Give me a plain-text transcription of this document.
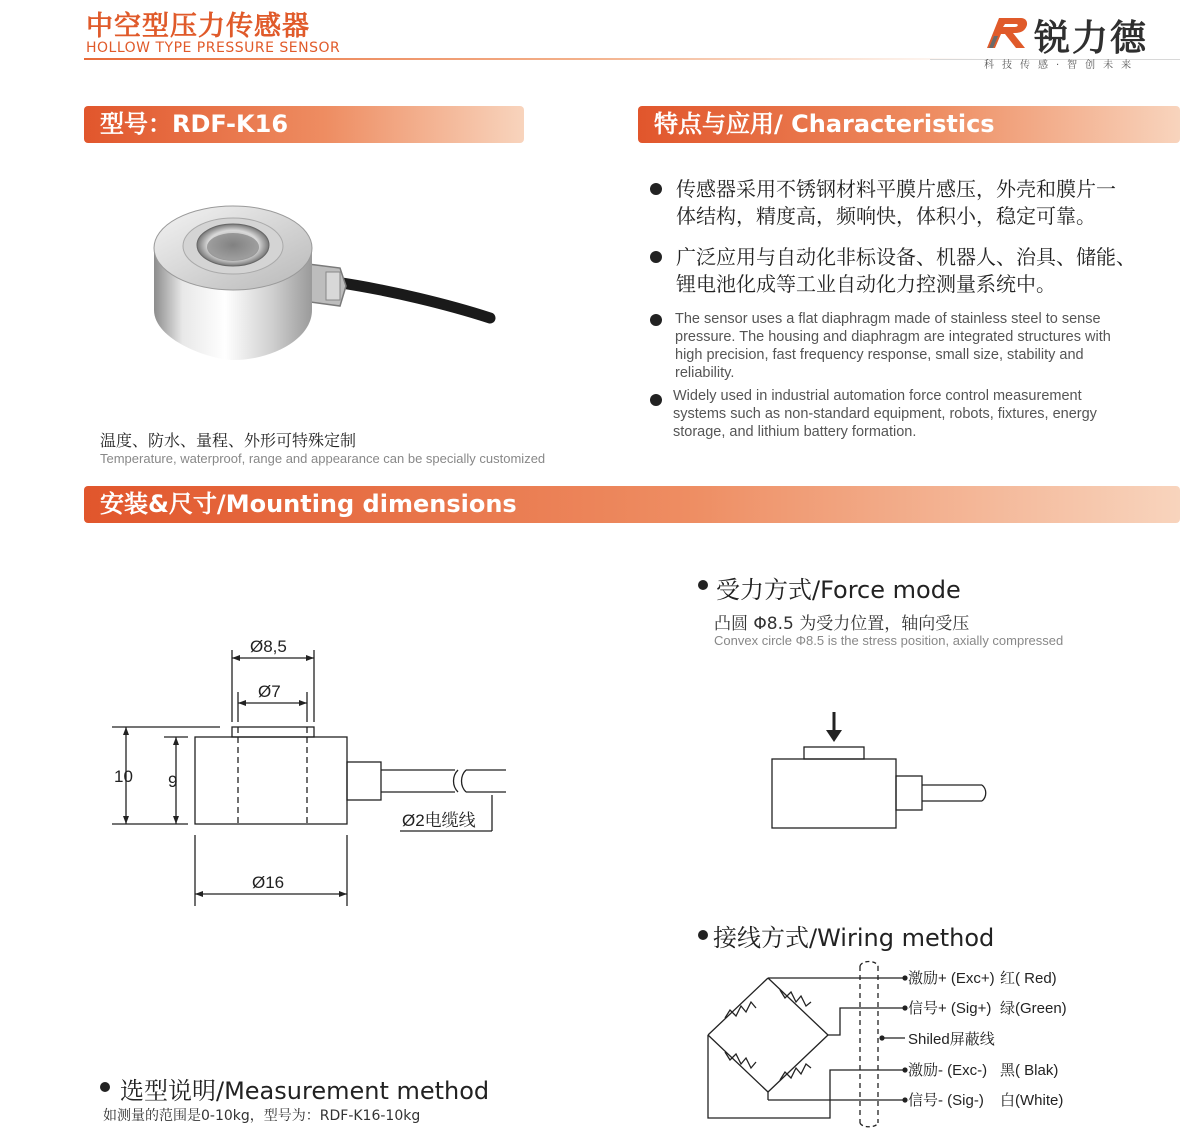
中空型压力传感器
HOLLOW TYPE PRESSURE SENSOR	锐力德
科技传感·智创未来
型号：RDF-K16
温度、防水、量程、外形可特殊定制
Temperature, waterproof, range and appearance can be specially customized
特点与应用/ Characteristics
传感器采用不锈钢材料平膜片感压，外壳和膜片一
体结构，精度高，频响快，体积小，稳定可靠。
广泛应用与自动化非标设备、机器人、治具、储能、
锂电池化成等工业自动化力控测量系统中。
The sensor uses a flat diaphragm made of stainless steel to sense
pressure. The housing and diaphragm are integrated structures with
high precision, fast frequency response, small size, stability and
reliability.
Widely used in industrial automation force control measurement
systems such as non-standard equipment, robots, fixtures, energy
storage, and lithium battery formation.
安装&尺寸/Mounting dimensions
Ø8,5
Ø7
10 9
Ø16
Ø2电缆线
受力方式/Force mode
凸圆 Φ8.5 为受力位置，轴向受压
Convex circle Φ8.5 is the stress position, axially compressed
接线方式/Wiring method
激励+ (Exc+) 红( Red)
信号+ (Sig+) 绿(Green)
Shiled屏蔽线
激励- (Exc-) 黑( Blak)
信号- (Sig-) 白(White)
选型说明/Measurement method
如测量的范围是0-10kg，型号为：RDF-K16-10kg
